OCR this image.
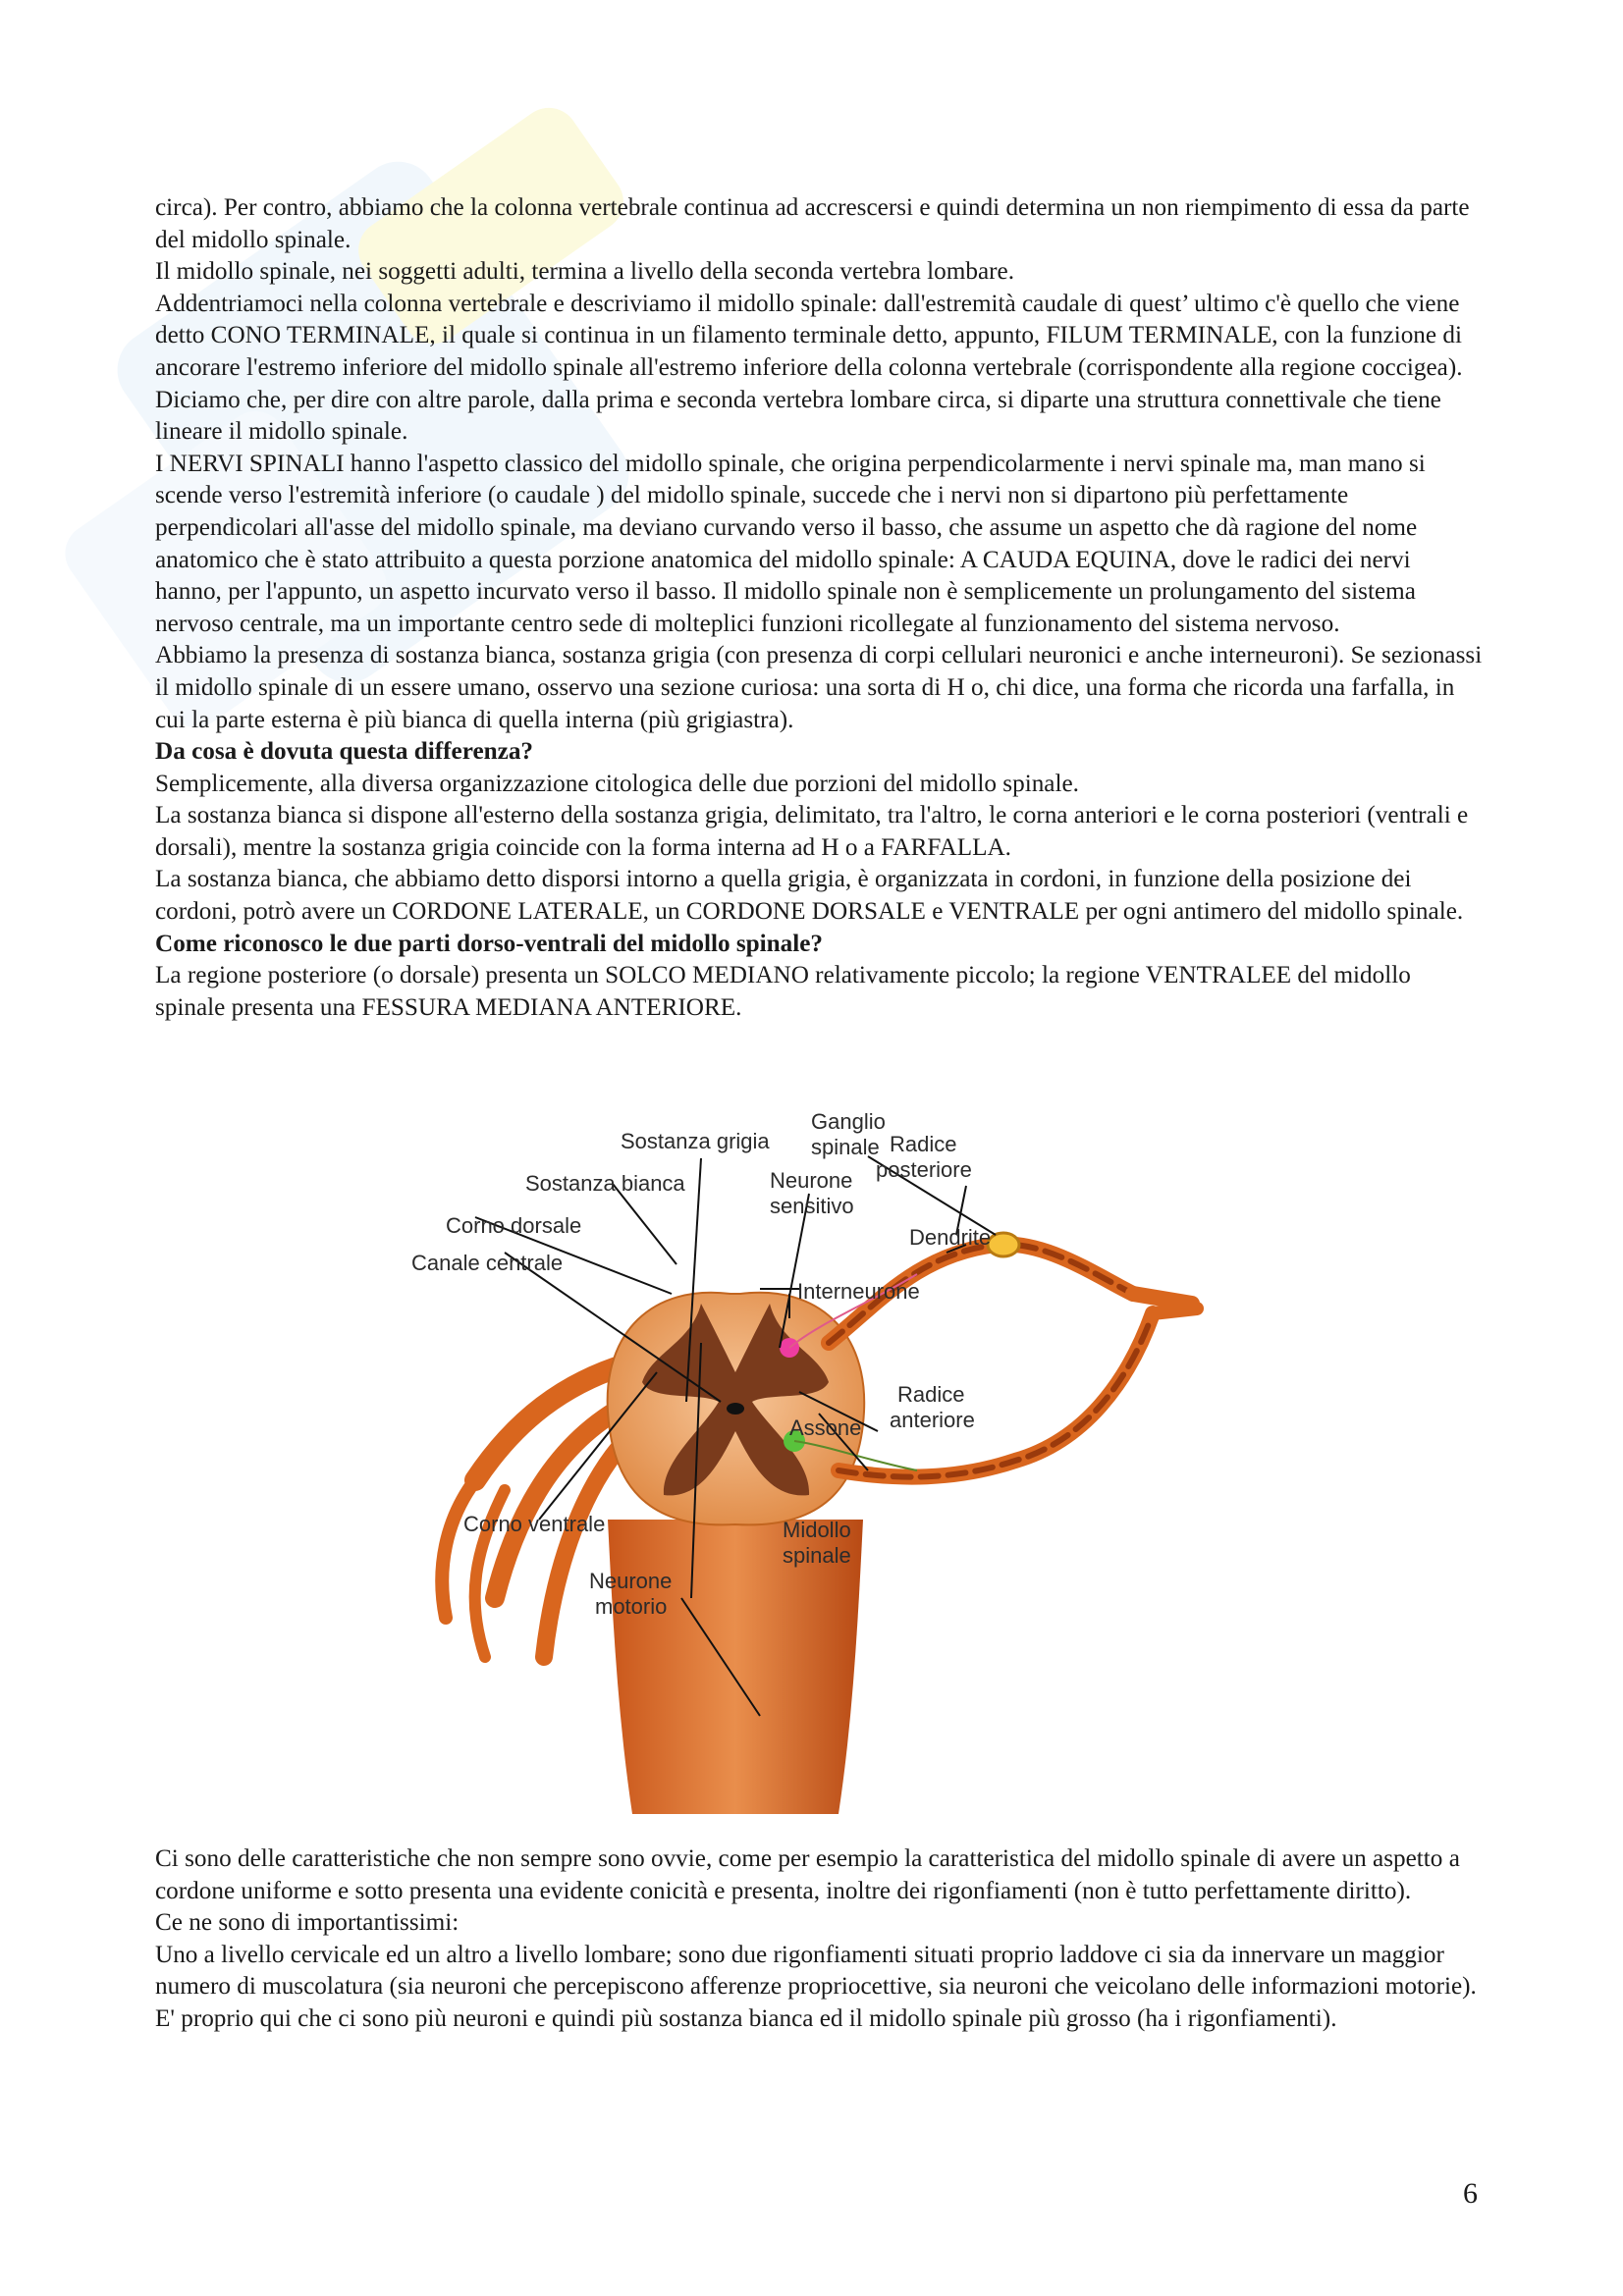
circa). Per contro, abbiamo che la colonna vertebrale continua ad accrescersi e quindi determina un non riempimento di essa da parte del midollo spinale.

Il midollo spinale, nei soggetti adulti, termina a livello della seconda vertebra lombare.

Addentriamoci nella colonna vertebrale e descriviamo il midollo spinale: dall'estremità caudale di quest’ ultimo c'è quello che viene detto CONO TERMINALE, il quale si continua in un filamento terminale detto, appunto, FILUM TERMINALE, con la funzione di ancorare l'estremo inferiore del midollo spinale all'estremo inferiore della colonna vertebrale (corrispondente alla regione coccigea).

Diciamo che, per dire con altre parole, dalla prima e seconda vertebra lombare circa, si diparte una struttura connettivale che tiene lineare il midollo spinale.

I NERVI SPINALI hanno l'aspetto classico del midollo spinale, che origina perpendicolarmente i nervi spinale ma, man mano si scende verso l'estremità inferiore (o caudale ) del midollo spinale, succede che i nervi non si dipartono più perfettamente perpendicolari all'asse del midollo spinale, ma deviano curvando verso il basso, che assume un aspetto che dà ragione del nome anatomico che è stato attribuito a questa porzione anatomica del midollo spinale: A CAUDA EQUINA, dove le radici dei nervi hanno, per l'appunto, un aspetto incurvato verso il basso. Il midollo spinale non è semplicemente un prolungamento del sistema nervoso centrale, ma un importante centro sede di molteplici funzioni ricollegate al funzionamento del sistema nervoso.

Abbiamo la presenza di sostanza bianca, sostanza grigia (con presenza di corpi cellulari neuronici e anche interneuroni). Se sezionassi il midollo spinale di un essere umano, osservo una sezione curiosa: una sorta di H o, chi dice, una forma che ricorda una farfalla, in cui la parte esterna è più bianca di quella interna (più grigiastra).

Da cosa è dovuta questa differenza?

Semplicemente, alla diversa organizzazione citologica delle due porzioni del midollo spinale.

La sostanza bianca si dispone all'esterno della sostanza grigia, delimitato, tra l'altro, le corna anteriori e le corna posteriori (ventrali e dorsali), mentre la sostanza grigia coincide con la forma interna ad H o a FARFALLA.

La sostanza bianca, che abbiamo detto disporsi intorno a quella grigia, è organizzata in cordoni, in funzione della posizione dei cordoni, potrò avere un CORDONE LATERALE, un CORDONE DORSALE e VENTRALE per ogni antimero del midollo spinale.

Come riconosco le due parti dorso-ventrali del midollo spinale?

La regione posteriore (o dorsale) presenta un SOLCO MEDIANO relativamente piccolo; la regione VENTRALEE del midollo spinale presenta una FESSURA MEDIANA ANTERIORE.

Sostanza grigia
Ganglio
spinale Radice
posteriore
Sostanza bianca	Neurone
sensitivo
Corno dorsale	Dendrite
Canale centrale
Interneurone
Radice
anteriore
Assone
Corno ventrale	Midollo
spinale
Neurone
motorio

Ci sono delle caratteristiche che non sempre sono ovvie, come per esempio la caratteristica del midollo spinale di avere un aspetto a cordone uniforme e sotto presenta una evidente conicità e presenta, inoltre dei rigonfiamenti (non è tutto perfettamente diritto).

Ce ne sono di importantissimi:

Uno a livello cervicale ed un altro a livello lombare; sono due rigonfiamenti situati proprio laddove ci sia da innervare un maggior numero di muscolatura (sia neuroni che percepiscono afferenze propriocettive, sia neuroni che veicolano delle informazioni motorie). E' proprio qui che ci sono più neuroni e quindi più sostanza bianca ed il midollo spinale più grosso (ha i rigonfiamenti).

6
